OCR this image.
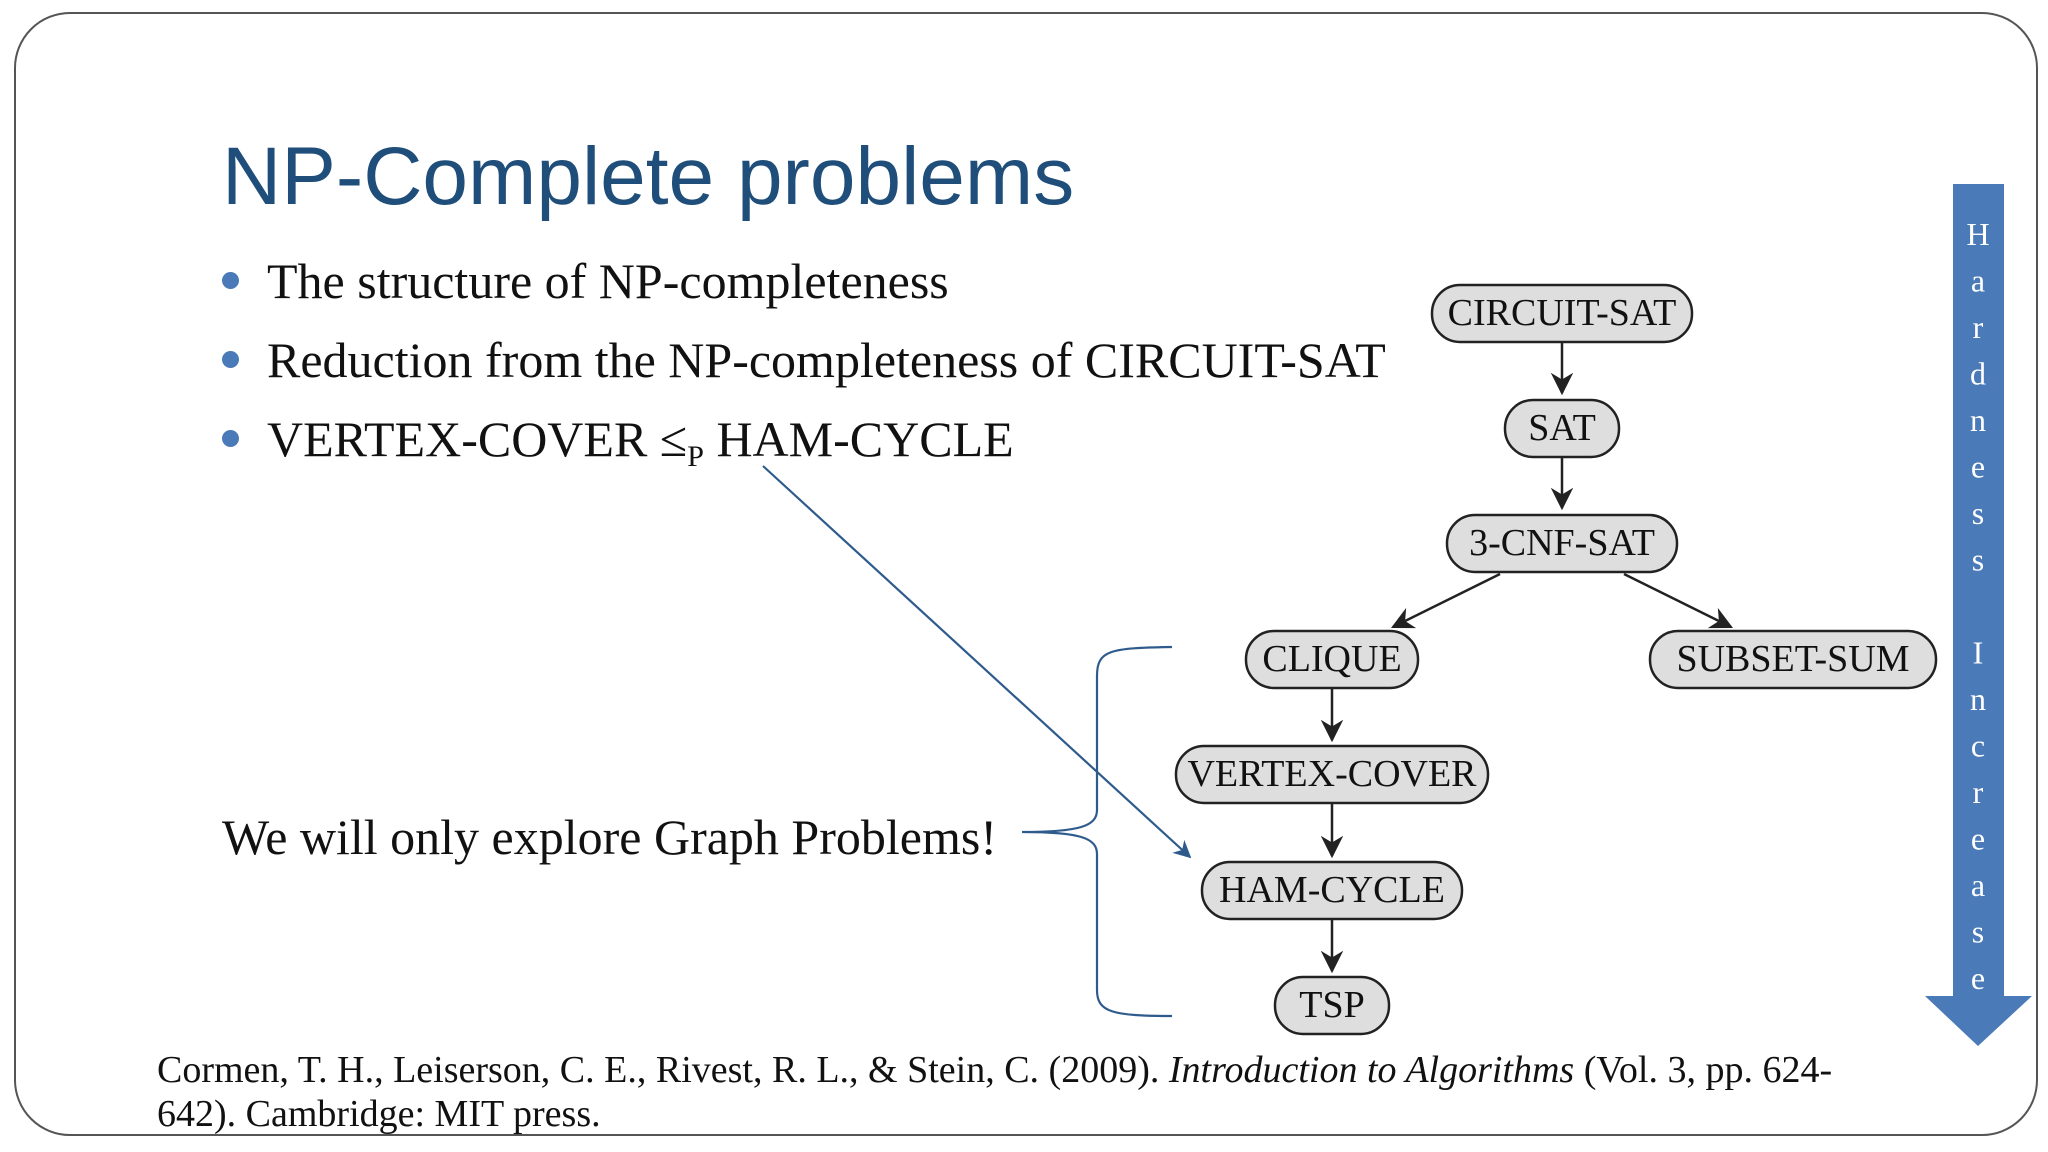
NP-Complete problems
The structure of NP-completeness
Reduction from the NP-completeness of CIRCUIT-SAT
VERTEX-COVER $\le_P$ HAM-CYCLE
We will only explore Graph Problems!
Cormen, T. H., Leiserson, C. E., Rivest, R. L., & Stein, C. (2009). Introduction to Algorithms (Vol. 3, pp. 624-642). Cambridge: MIT press.
CIRCUIT-SAT
SAT
3-CNF-SAT
CLIQUE	SUBSET-SUM
VERTEX-COVER
HAM-CYCLE
TSP
H
a
r
d
n
e
s
s
I
n
c
r
e
a
s
e
